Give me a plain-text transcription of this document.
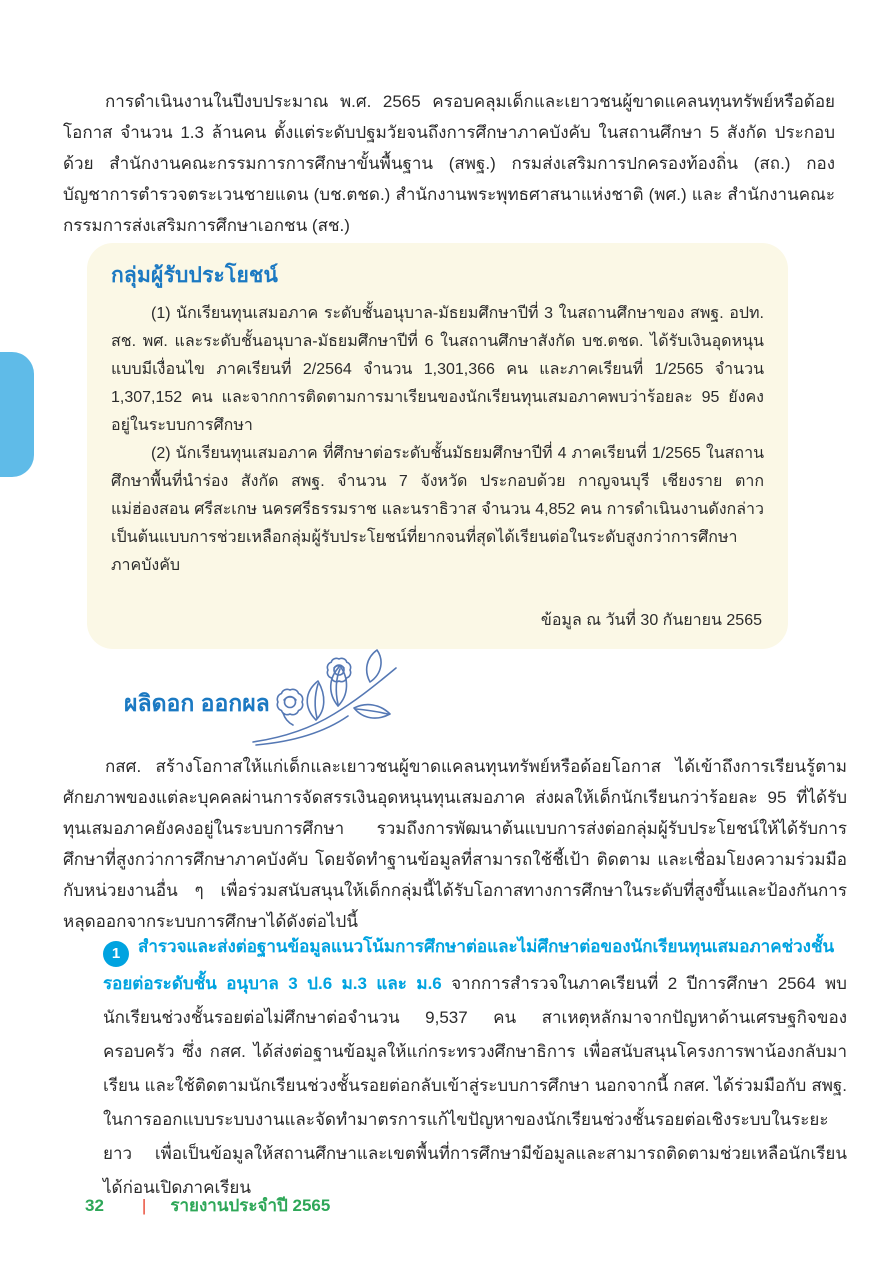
การดำเนินงานในปีงบประมาณ พ.ศ. 2565 ครอบคลุมเด็กและเยาวชนผู้ขาดแคลนทุนทรัพย์หรือด้อยโอกาส จำนวน 1.3 ล้านคน ตั้งแต่ระดับปฐมวัยจนถึงการศึกษาภาคบังคับ ในสถานศึกษา 5 สังกัด ประกอบด้วย สำนักงานคณะกรรมการการศึกษาขั้นพื้นฐาน (สพฐ.) กรมส่งเสริมการปกครองท้องถิ่น (สถ.) กองบัญชาการตำรวจตระเวนชายแดน (บช.ตชด.) สำนักงานพระพุทธศาสนาแห่งชาติ (พศ.) และ สำนักงานคณะกรรมการส่งเสริมการศึกษาเอกชน (สช.)

กลุ่มผู้รับประโยชน์

(1) นักเรียนทุนเสมอภาค ระดับชั้นอนุบาล-มัธยมศึกษาปีที่ 3 ในสถานศึกษาของ สพฐ. อปท. สช. พศ. และระดับชั้นอนุบาล-มัธยมศึกษาปีที่ 6 ในสถานศึกษาสังกัด บช.ตชด. ได้รับเงินอุดหนุนแบบมีเงื่อนไข ภาคเรียนที่ 2/2564 จำนวน 1,301,366 คน และภาคเรียนที่ 1/2565 จำนวน 1,307,152 คน และจากการติดตามการมาเรียนของนักเรียนทุนเสมอภาคพบว่าร้อยละ 95 ยังคงอยู่ในระบบการศึกษา

(2) นักเรียนทุนเสมอภาค ที่ศึกษาต่อระดับชั้นมัธยมศึกษาปีที่ 4 ภาคเรียนที่ 1/2565 ในสถานศึกษาพื้นที่นำร่อง สังกัด สพฐ. จำนวน 7 จังหวัด ประกอบด้วย กาญจนบุรี เชียงราย ตาก แม่ฮ่องสอน ศรีสะเกษ นครศรีธรรมราช และนราธิวาส จำนวน 4,852 คน การดำเนินงานดังกล่าวเป็นต้นแบบการช่วยเหลือกลุ่มผู้รับประโยชน์ที่ยากจนที่สุดได้เรียนต่อในระดับสูงกว่าการศึกษาภาคบังคับ

ข้อมูล ณ วันที่ 30 กันยายน 2565
ผลิดอก ออกผล

กสศ. สร้างโอกาสให้แก่เด็กและเยาวชนผู้ขาดแคลนทุนทรัพย์หรือด้อยโอกาส ได้เข้าถึงการเรียนรู้ตามศักยภาพของแต่ละบุคคลผ่านการจัดสรรเงินอุดหนุนทุนเสมอภาค ส่งผลให้เด็กนักเรียนกว่าร้อยละ 95 ที่ได้รับทุนเสมอภาคยังคงอยู่ในระบบการศึกษา รวมถึงการพัฒนาต้นแบบการส่งต่อกลุ่มผู้รับประโยชน์ให้ได้รับการศึกษาที่สูงกว่าการศึกษาภาคบังคับ โดยจัดทำฐานข้อมูลที่สามารถใช้ชี้เป้า ติดตาม และเชื่อมโยงความร่วมมือกับหน่วยงานอื่น ๆ เพื่อร่วมสนับสนุนให้เด็กกลุ่มนี้ได้รับโอกาสทางการศึกษาในระดับที่สูงขึ้นและป้องกันการหลุดออกจากระบบการศึกษาได้ดังต่อไปนี้

1 สำรวจและส่งต่อฐานข้อมูลแนวโน้มการศึกษาต่อและไม่ศึกษาต่อของนักเรียนทุนเสมอภาคช่วงชั้นรอยต่อระดับชั้น อนุบาล 3 ป.6 ม.3 และ ม.6 จากการสำรวจในภาคเรียนที่ 2 ปีการศึกษา 2564 พบนักเรียนช่วงชั้นรอยต่อไม่ศึกษาต่อจำนวน 9,537 คน สาเหตุหลักมาจากปัญหาด้านเศรษฐกิจของครอบครัว ซึ่ง กสศ. ได้ส่งต่อฐานข้อมูลให้แก่กระทรวงศึกษาธิการ เพื่อสนับสนุนโครงการพาน้องกลับมาเรียน และใช้ติดตามนักเรียนช่วงชั้นรอยต่อกลับเข้าสู่ระบบการศึกษา นอกจากนี้ กสศ. ได้ร่วมมือกับ สพฐ. ในการออกแบบระบบงานและจัดทำมาตรการแก้ไขปัญหาของนักเรียนช่วงชั้นรอยต่อเชิงระบบในระยะยาว เพื่อเป็นข้อมูลให้สถานศึกษาและเขตพื้นที่การศึกษามีข้อมูลและสามารถติดตามช่วยเหลือนักเรียนได้ก่อนเปิดภาคเรียน

32 | รายงานประจำปี 2565
